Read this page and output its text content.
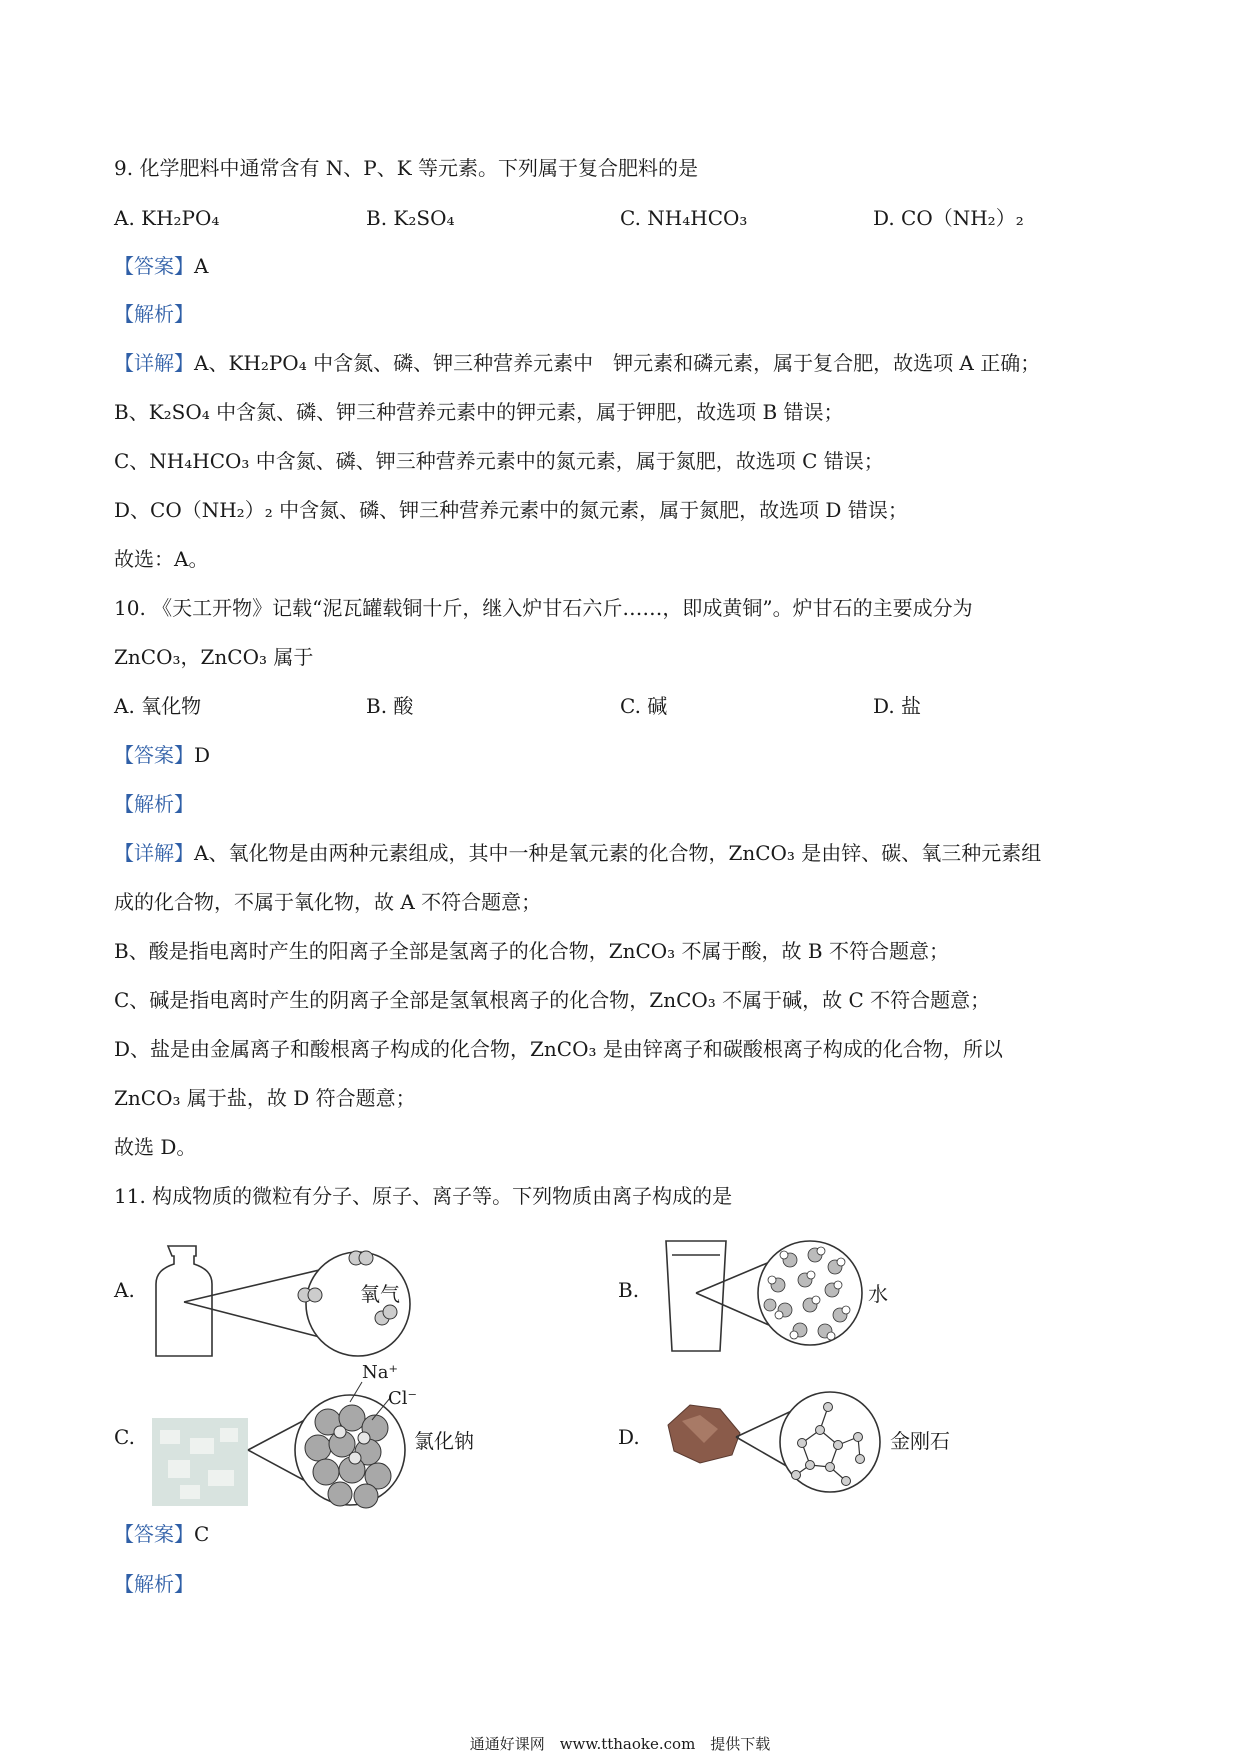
9. 化学肥料中通常含有 N、P、K 等元素。下列属于复合肥料的是
A. KH₂PO₄	B. K₂SO₄	C. NH₄HCO₃	D. CO（NH₂）₂
【答案】A
【解析】
【详解】A、KH₂PO₄ 中含氮、磷、钾三种营养元素中　钾元素和磷元素，属于复合肥，故选项 A 正确；
B、K₂SO₄ 中含氮、磷、钾三种营养元素中的钾元素，属于钾肥，故选项 B 错误；
C、NH₄HCO₃ 中含氮、磷、钾三种营养元素中的氮元素，属于氮肥，故选项 C 错误；
D、CO（NH₂）₂ 中含氮、磷、钾三种营养元素中的氮元素，属于氮肥，故选项 D 错误；
故选：A。
10. 《天工开物》记载“泥瓦罐载铜十斤，继入炉甘石六斤……，即成黄铜”。炉甘石的主要成分为
ZnCO₃，ZnCO₃ 属于
A. 氧化物	B. 酸	C. 碱	D. 盐
【答案】D
【解析】
【详解】A、氧化物是由两种元素组成，其中一种是氧元素的化合物，ZnCO₃ 是由锌、碳、氧三种元素组
成的化合物，不属于氧化物，故 A 不符合题意；
B、酸是指电离时产生的阳离子全部是氢离子的化合物，ZnCO₃ 不属于酸，故 B 不符合题意；
C、碱是指电离时产生的阴离子全部是氢氧根离子的化合物，ZnCO₃ 不属于碱，故 C 不符合题意；
D、盐是由金属离子和酸根离子构成的化合物，ZnCO₃ 是由锌离子和碳酸根离子构成的化合物，所以
ZnCO₃ 属于盐，故 D 符合题意；
故选 D。
11. 构成物质的微粒有分子、原子、离子等。下列物质由离子构成的是
A.	氧气	B.	水
C.
Na⁺
Cl⁻
氯化钠	D.	金刚石
【答案】C
【解析】
通通好课网　www.tthaoke.com　提供下载
